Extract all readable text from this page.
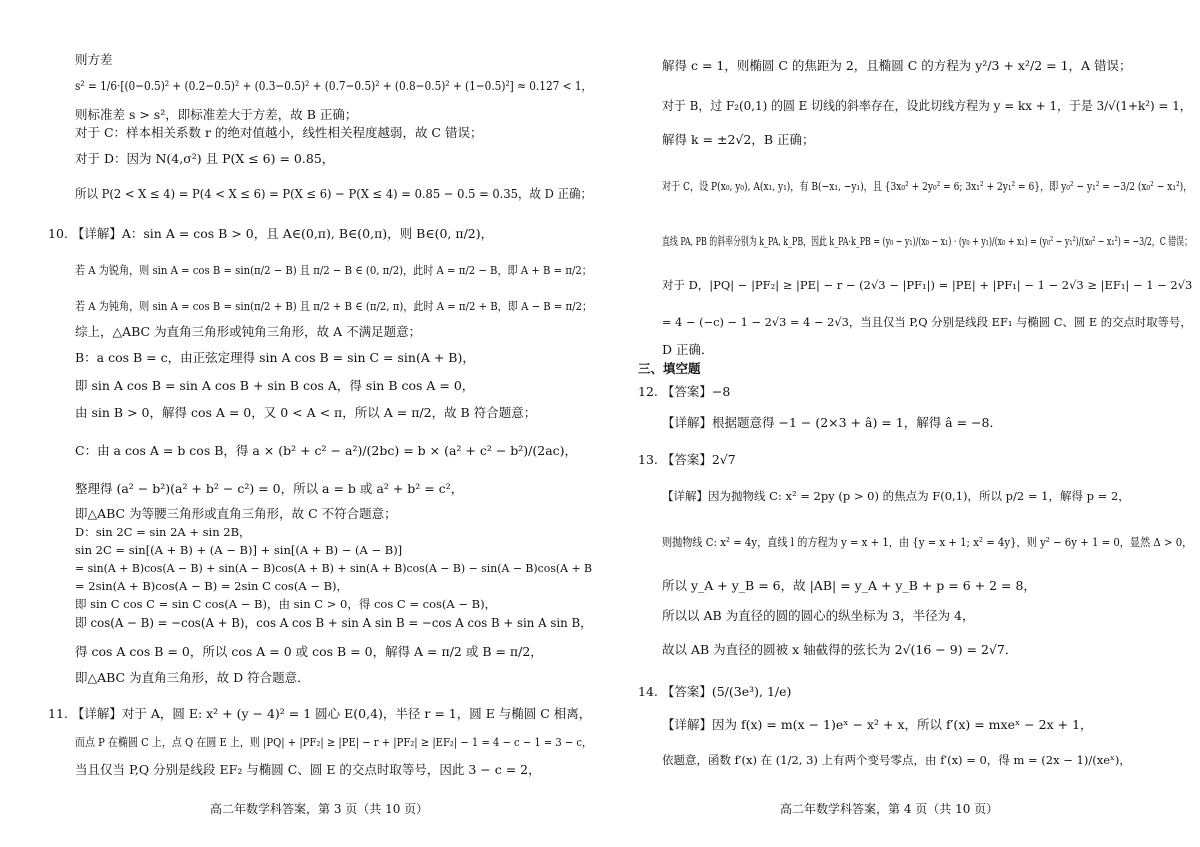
则方差
s² = 1/6·[(0−0.5)² + (0.2−0.5)² + (0.3−0.5)² + (0.7−0.5)² + (0.8−0.5)² + (1−0.5)²] ≈ 0.127 < 1，
则标准差 s > s²，即标准差大于方差，故 B 正确；
对于 C：样本相关系数 r 的绝对值越小，线性相关程度越弱，故 C 错误；
对于 D：因为 N(4,σ²) 且 P(X ≤ 6) = 0.85，
所以 P(2 < X ≤ 4) = P(4 < X ≤ 6) = P(X ≤ 6) − P(X ≤ 4) = 0.85 − 0.5 = 0.35，故 D 正确；
10. 【详解】A：sin A = cos B > 0，且 A∈(0,π), B∈(0,π)，则 B∈(0, π/2)，
若 A 为锐角，则 sin A = cos B = sin(π/2 − B) 且 π/2 − B ∈ (0, π/2)，此时 A = π/2 − B，即 A + B = π/2；
若 A 为钝角，则 sin A = cos B = sin(π/2 + B) 且 π/2 + B ∈ (π/2, π)，此时 A = π/2 + B，即 A − B = π/2；
综上，△ABC 为直角三角形或钝角三角形，故 A 不满足题意；
B：a cos B = c，由正弦定理得 sin A cos B = sin C = sin(A + B)，
即 sin A cos B = sin A cos B + sin B cos A，得 sin B cos A = 0，
由 sin B > 0，解得 cos A = 0，又 0 < A < π，所以 A = π/2，故 B 符合题意；
C：由 a cos A = b cos B，得 a × (b² + c² − a²)/(2bc) = b × (a² + c² − b²)/(2ac)，
整理得 (a² − b²)(a² + b² − c²) = 0，所以 a = b 或 a² + b² = c²，
即△ABC 为等腰三角形或直角三角形，故 C 不符合题意；
D：sin 2C = sin 2A + sin 2B，
sin 2C = sin[(A + B) + (A − B)] + sin[(A + B) − (A − B)]
= sin(A + B)cos(A − B) + sin(A − B)cos(A + B) + sin(A + B)cos(A − B) − sin(A − B)cos(A + B
= 2sin(A + B)cos(A − B) = 2sin C cos(A − B)，
即 sin C cos C = sin C cos(A − B)，由 sin C > 0，得 cos C = cos(A − B)，
即 cos(A − B) = −cos(A + B)，cos A cos B + sin A sin B = −cos A cos B + sin A sin B，
得 cos A cos B = 0，所以 cos A = 0 或 cos B = 0，解得 A = π/2 或 B = π/2，
即△ABC 为直角三角形，故 D 符合题意．
11. 【详解】对于 A，圆 E: x² + (y − 4)² = 1 圆心 E(0,4)，半径 r = 1，圆 E 与椭圆 C 相离，
而点 P 在椭圆 C 上，点 Q 在圆 E 上，则 |PQ| + |PF₂| ≥ |PE| − r + |PF₂| ≥ |EF₂| − 1 = 4 − c − 1 = 3 − c，
当且仅当 P,Q 分别是线段 EF₂ 与椭圆 C、圆 E 的交点时取等号，因此 3 − c = 2，
高二年数学科答案，第 3 页（共 10 页）
解得 c = 1，则椭圆 C 的焦距为 2，且椭圆 C 的方程为 y²/3 + x²/2 = 1，A 错误；
对于 B，过 F₂(0,1) 的圆 E 切线的斜率存在，设此切线方程为 y = kx + 1，于是 3/√(1+k²) = 1，
解得 k = ±2√2，B 正确；
对于 C，设 P(x₀, y₀), A(x₁, y₁)，有 B(−x₁, −y₁)，且 {3x₀² + 2y₀² = 6; 3x₁² + 2y₁² = 6}，即 y₀² − y₁² = −3/2 (x₀² − x₁²)，
直线 PA, PB 的斜率分别为 k_PA, k_PB，因此 k_PA·k_PB = (y₀ − y₁)/(x₀ − x₁) · (y₀ + y₁)/(x₀ + x₁) = (y₀² − y₁²)/(x₀² − x₁²) = −3/2，C 错误；
对于 D，|PQ| − |PF₂| ≥ |PE| − r − (2√3 − |PF₁|) = |PE| + |PF₁| − 1 − 2√3 ≥ |EF₁| − 1 − 2√3
= 4 − (−c) − 1 − 2√3 = 4 − 2√3，当且仅当 P,Q 分别是线段 EF₁ 与椭圆 C、圆 E 的交点时取等号，
D 正确．
三、填空题
12. 【答案】−8
【详解】根据题意得 −1 − (2×3 + â) = 1，解得 â = −8．
13. 【答案】2√7
【详解】因为抛物线 C: x² = 2py (p > 0) 的焦点为 F(0,1)，所以 p/2 = 1，解得 p = 2，
则抛物线 C: x² = 4y，直线 l 的方程为 y = x + 1，由 {y = x + 1; x² = 4y}，则 y² − 6y + 1 = 0，显然 Δ > 0，
所以 y_A + y_B = 6，故 |AB| = y_A + y_B + p = 6 + 2 = 8，
所以以 AB 为直径的圆的圆心的纵坐标为 3，半径为 4，
故以 AB 为直径的圆被 x 轴截得的弦长为 2√(16 − 9) = 2√7．
14. 【答案】(5/(3e³), 1/e)
【详解】因为 f(x) = m(x − 1)eˣ − x² + x，所以 f′(x) = mxeˣ − 2x + 1，
依题意，函数 f′(x) 在 (1/2, 3) 上有两个变号零点，由 f′(x) = 0，得 m = (2x − 1)/(xeˣ)，
高二年数学科答案，第 4 页（共 10 页）
